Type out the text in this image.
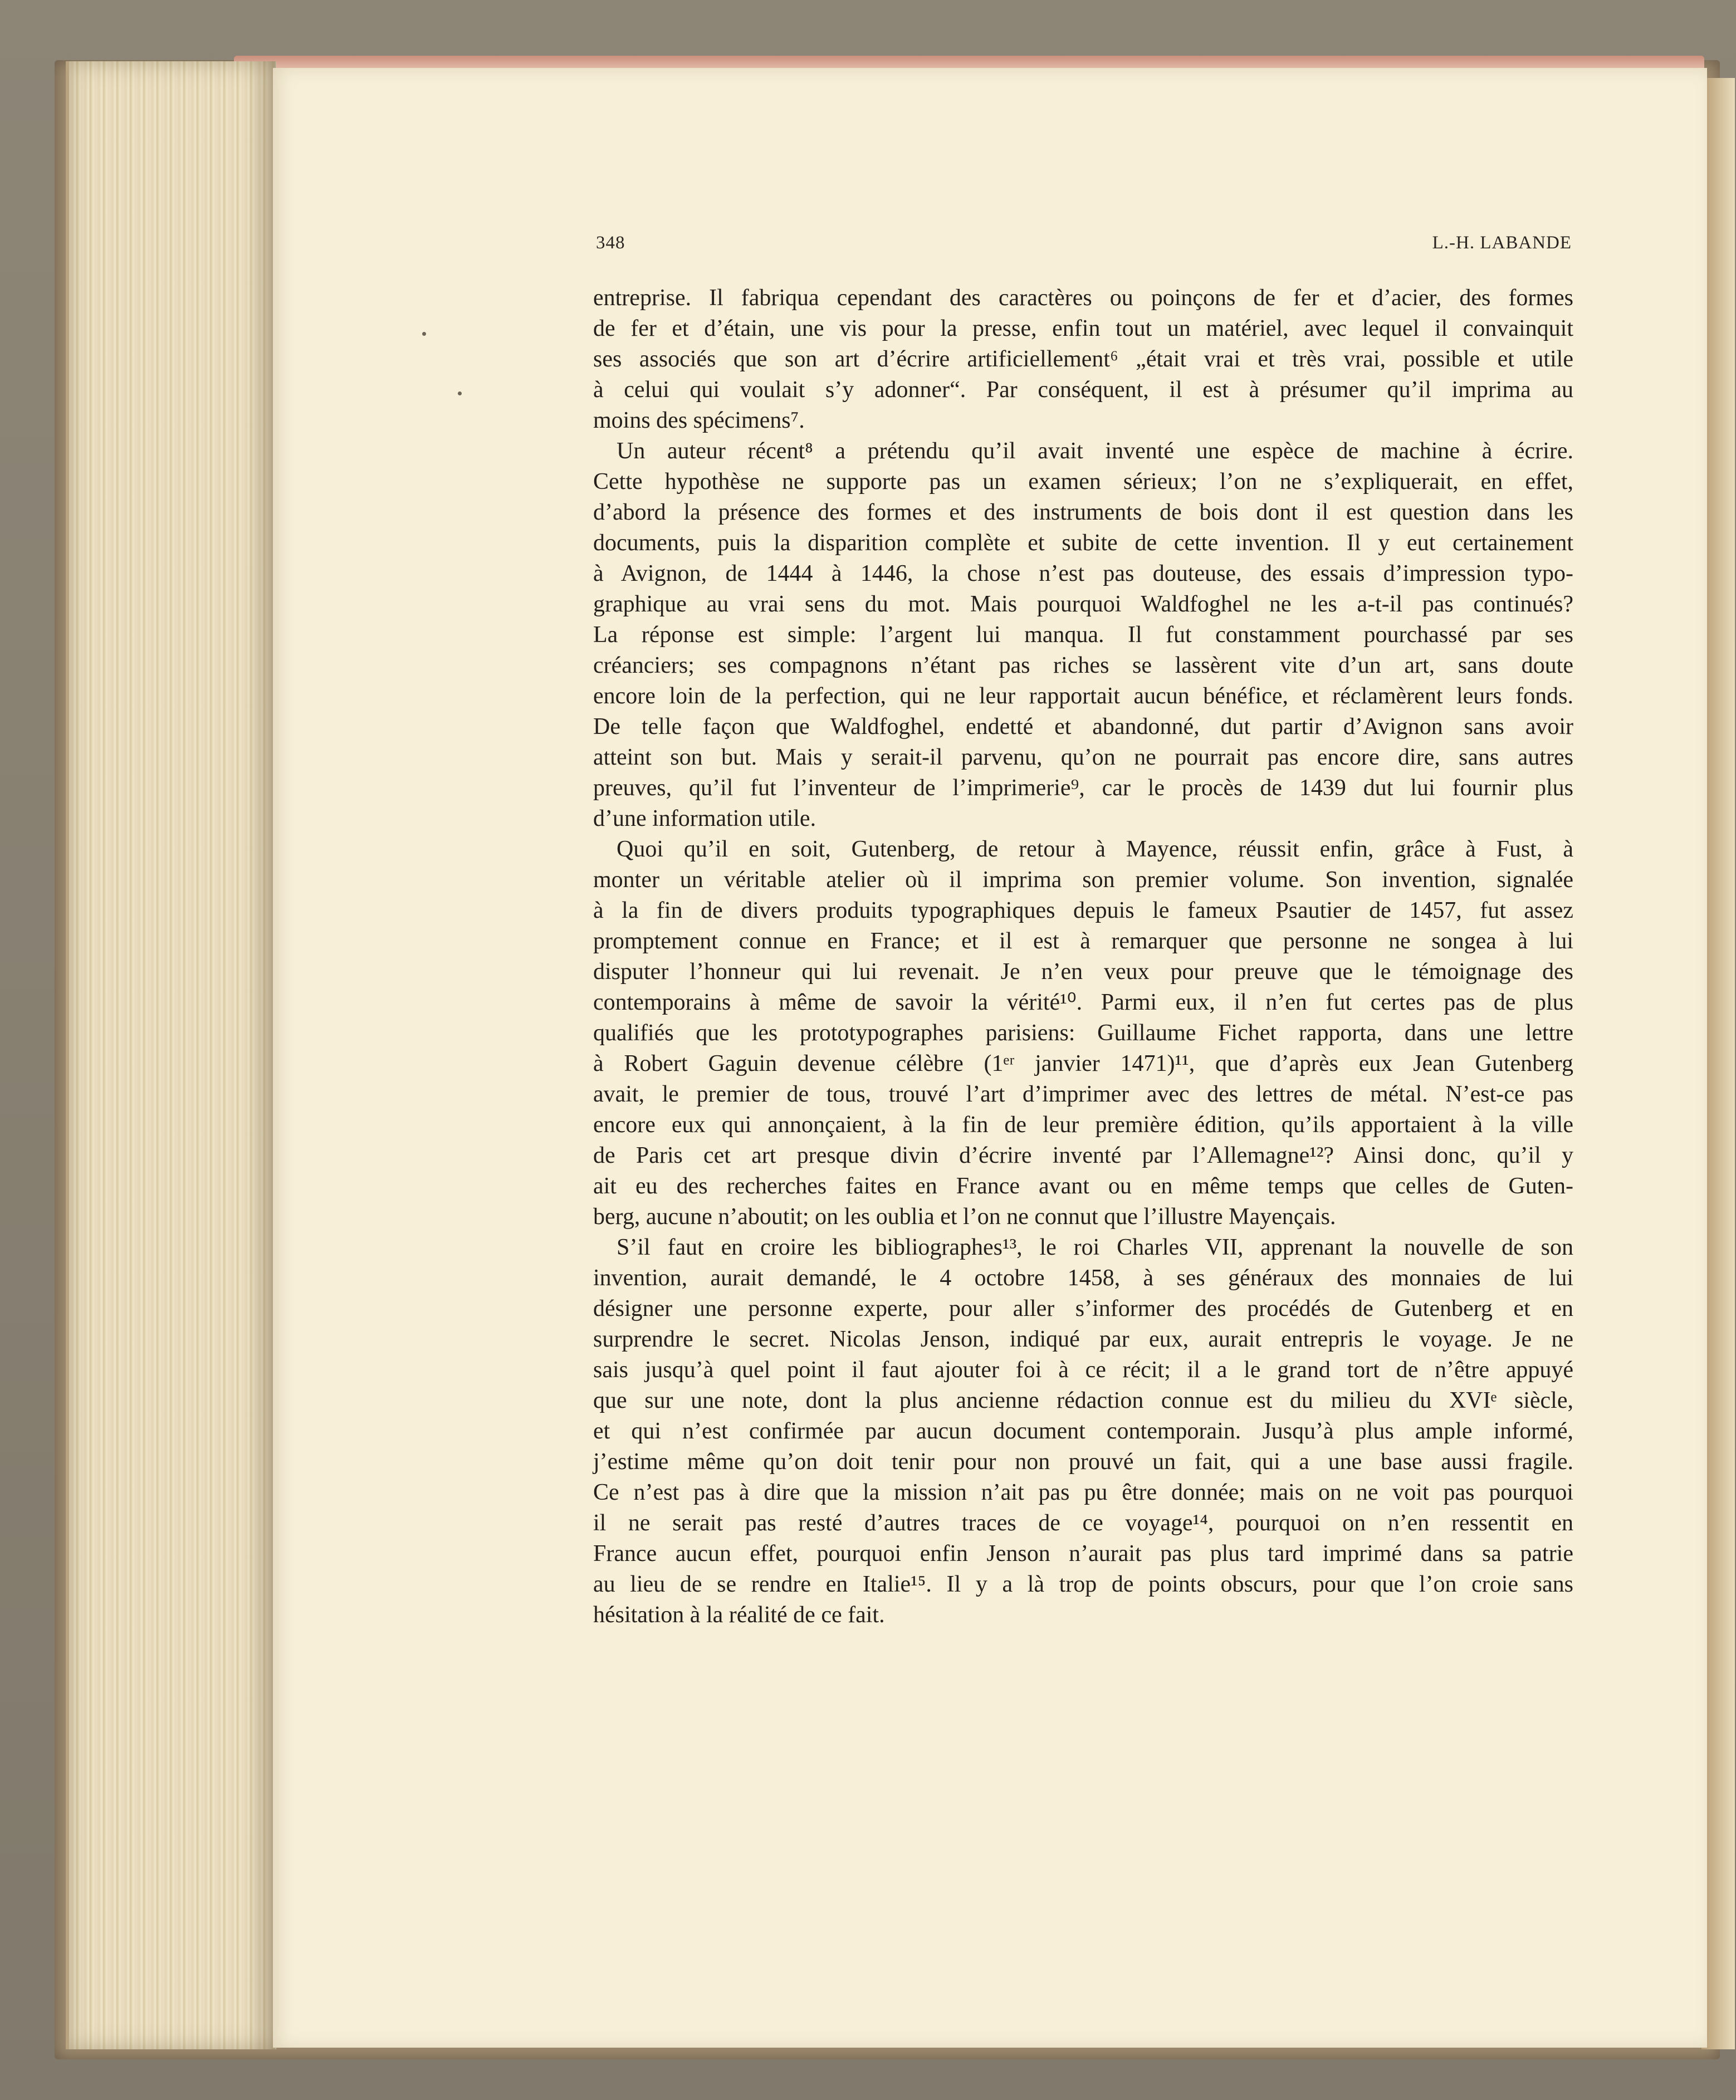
348	L.-H. LABANDE
entreprise. Il fabriqua cependant des caractères ou poinçons de fer et d’acier, des formes
de fer et d’étain, une vis pour la presse, enfin tout un matériel, avec lequel il convainquit
ses associés que son art d’écrire artificiellement⁶ „était vrai et très vrai, possible et utile
à celui qui voulait s’y adonner“. Par conséquent, il est à présumer qu’il imprima au
moins des spécimens⁷.
Un auteur récent⁸ a prétendu qu’il avait inventé une espèce de machine à écrire.
Cette hypothèse ne supporte pas un examen sérieux; l’on ne s’expliquerait, en effet,
d’abord la présence des formes et des instruments de bois dont il est question dans les
documents, puis la disparition complète et subite de cette invention. Il y eut certainement
à Avignon, de 1444 à 1446, la chose n’est pas douteuse, des essais d’impression typo-
graphique au vrai sens du mot. Mais pourquoi Waldfoghel ne les a-t-il pas continués?
La réponse est simple: l’argent lui manqua. Il fut constamment pourchassé par ses
créanciers; ses compagnons n’étant pas riches se lassèrent vite d’un art, sans doute
encore loin de la perfection, qui ne leur rapportait aucun bénéfice, et réclamèrent leurs fonds.
De telle façon que Waldfoghel, endetté et abandonné, dut partir d’Avignon sans avoir
atteint son but. Mais y serait-il parvenu, qu’on ne pourrait pas encore dire, sans autres
preuves, qu’il fut l’inventeur de l’imprimerie⁹, car le procès de 1439 dut lui fournir plus
d’une information utile.
Quoi qu’il en soit, Gutenberg, de retour à Mayence, réussit enfin, grâce à Fust, à
monter un véritable atelier où il imprima son premier volume. Son invention, signalée
à la fin de divers produits typographiques depuis le fameux Psautier de 1457, fut assez
promptement connue en France; et il est à remarquer que personne ne songea à lui
disputer l’honneur qui lui revenait. Je n’en veux pour preuve que le témoignage des
contemporains à même de savoir la vérité¹⁰. Parmi eux, il n’en fut certes pas de plus
qualifiés que les prototypographes parisiens: Guillaume Fichet rapporta, dans une lettre
à Robert Gaguin devenue célèbre (1ᵉʳ janvier 1471)¹¹, que d’après eux Jean Gutenberg
avait, le premier de tous, trouvé l’art d’imprimer avec des lettres de métal. N’est-ce pas
encore eux qui annonçaient, à la fin de leur première édition, qu’ils apportaient à la ville
de Paris cet art presque divin d’écrire inventé par l’Allemagne¹²? Ainsi donc, qu’il y
ait eu des recherches faites en France avant ou en même temps que celles de Guten-
berg, aucune n’aboutit; on les oublia et l’on ne connut que l’illustre Mayençais.
S’il faut en croire les bibliographes¹³, le roi Charles VII, apprenant la nouvelle de son
invention, aurait demandé, le 4 octobre 1458, à ses généraux des monnaies de lui
désigner une personne experte, pour aller s’informer des procédés de Gutenberg et en
surprendre le secret. Nicolas Jenson, indiqué par eux, aurait entrepris le voyage. Je ne
sais jusqu’à quel point il faut ajouter foi à ce récit; il a le grand tort de n’être appuyé
que sur une note, dont la plus ancienne rédaction connue est du milieu du XVIᵉ siècle,
et qui n’est confirmée par aucun document contemporain. Jusqu’à plus ample informé,
j’estime même qu’on doit tenir pour non prouvé un fait, qui a une base aussi fragile.
Ce n’est pas à dire que la mission n’ait pas pu être donnée; mais on ne voit pas pourquoi
il ne serait pas resté d’autres traces de ce voyage¹⁴, pourquoi on n’en ressentit en
France aucun effet, pourquoi enfin Jenson n’aurait pas plus tard imprimé dans sa patrie
au lieu de se rendre en Italie¹⁵. Il y a là trop de points obscurs, pour que l’on croie sans
hésitation à la réalité de ce fait.
